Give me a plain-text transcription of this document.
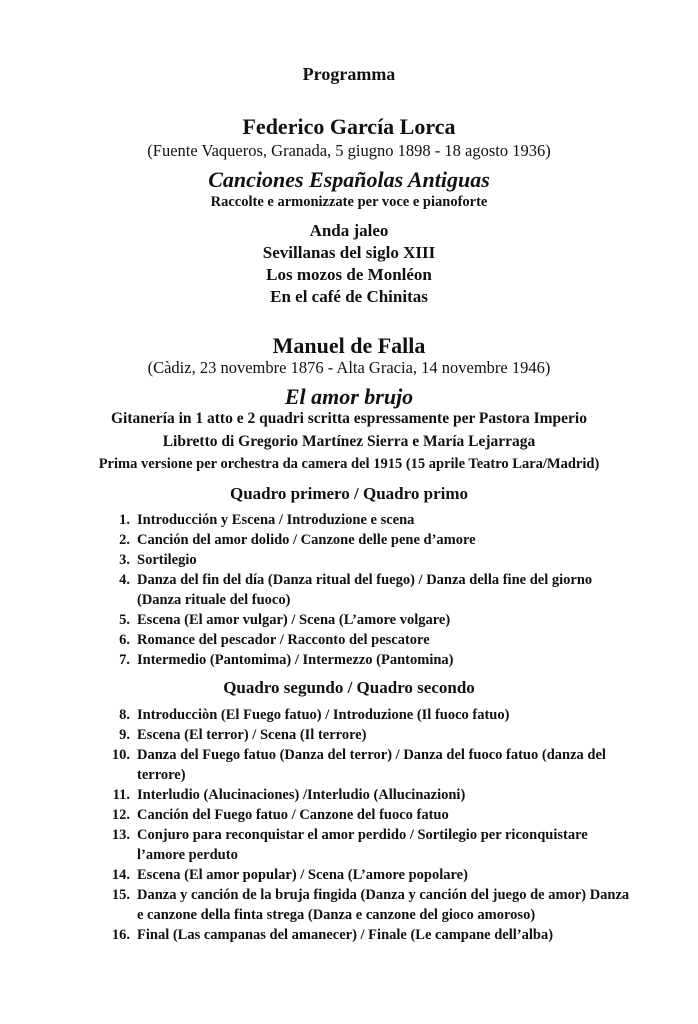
Programma
Federico García Lorca

(Fuente Vaqueros, Granada, 5 giugno 1898 - 18 agosto 1936)

Canciones Españolas Antiguas

Raccolte e armonizzate per voce e pianoforte

Anda jaleo
Sevillanas del siglo XIII
Los mozos de Monléon
En el café de Chinitas
Manuel de Falla

(Càdiz, 23 novembre 1876 - Alta Gracia, 14 novembre 1946)

El amor brujo

Gitanería in 1 atto e 2 quadri scritta espressamente per Pastora Imperio

Libretto di Gregorio Martínez Sierra e María Lejarraga

Prima versione per orchestra da camera del 1915 (15 aprile Teatro Lara/Madrid)

Quadro primero / Quadro primo
1. Introducción y Escena / Introduzione e scena
2. Canción del amor dolido / Canzone delle pene d’amore
3. Sortilegio
4. Danza del fin del día (Danza ritual del fuego) / Danza della fine del giorno (Danza rituale del fuoco)
5. Escena (El amor vulgar) / Scena (L’amore volgare)
6. Romance del pescador / Racconto del pescatore
7. Intermedio (Pantomima) / Intermezzo (Pantomina)
Quadro segundo / Quadro secondo
8. Introducciòn (El Fuego fatuo) / Introduzione (Il fuoco fatuo)
9. Escena (El terror) / Scena (Il terrore)
10. Danza del Fuego fatuo (Danza del terror) / Danza del fuoco fatuo (danza del terrore)
11. Interludio (Alucinaciones) /Interludio (Allucinazioni)
12. Canción del Fuego fatuo / Canzone del fuoco fatuo
13. Conjuro para reconquistar el amor perdido / Sortilegio per riconquistare l’amore perduto
14. Escena (El amor popular) / Scena (L’amore popolare)
15. Danza y canción de la bruja fingida (Danza y canción del juego de amor) Danza e canzone della finta strega (Danza e canzone del gioco amoroso)
16. Final (Las campanas del amanecer) / Finale (Le campane dell’alba)
